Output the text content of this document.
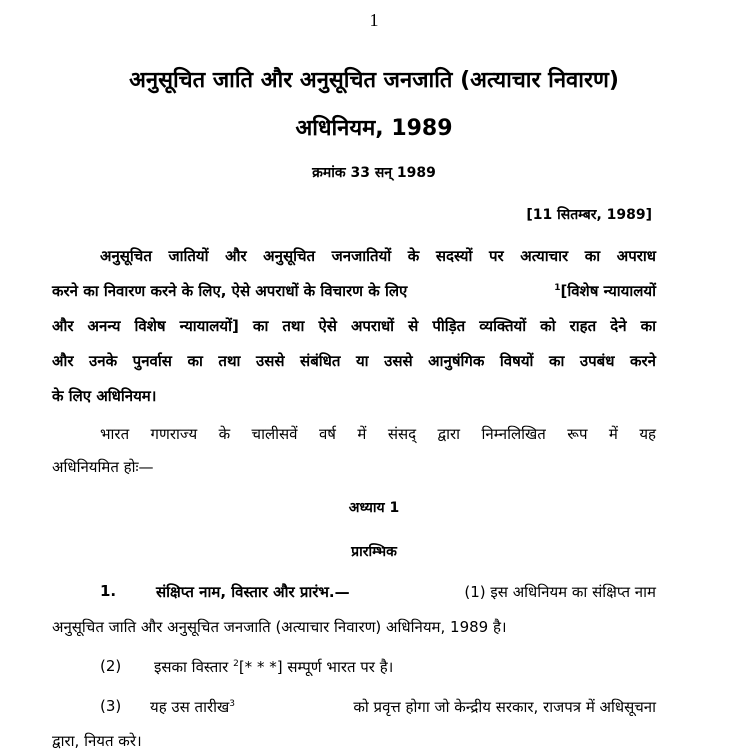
1
अनुसूचित जाति और अनुसूचित जनजाति (अत्याचार निवारण)
अधिनियम, 1989
क्रमांक 33 सन् 1989
[11 सितम्बर, 1989]
अनुसूचित जातियों और अनुसूचित जनजातियों के सदस्यों पर अत्याचार का अपराध
करने का निवारण करने के लिए, ऐसे अपराधों के विचारण के लिए	$^1$[विशेष न्यायालयों
और अनन्य विशेष न्यायालयों] का तथा ऐसे अपराधों से पीड़ित व्यक्तियों को राहत देने का
और उनके पुनर्वास का तथा उससे संबंधित या उससे आनुषंगिक विषयों का उपबंध करने
के लिए अधिनियम।
भारत गणराज्य के चालीसवें वर्ष में संसद् द्वारा निम्नलिखित रूप में यह
अधिनियमित होः—
अध्याय 1
प्रारम्भिक
1.	संक्षिप्त नाम, विस्तार और प्रारंभ.—	(1) इस अधिनियम का संक्षिप्त नाम
अनुसूचित जाति और अनुसूचित जनजाति (अत्याचार निवारण) अधिनियम, 1989 है।
(2)	इसका विस्तार $^2$[* * *] सम्पूर्ण भारत पर है।
(3)	यह उस तारीख$^3$	को प्रवृत्त होगा जो केन्द्रीय सरकार, राजपत्र में अधिसूचना
द्वारा, नियत करे।
